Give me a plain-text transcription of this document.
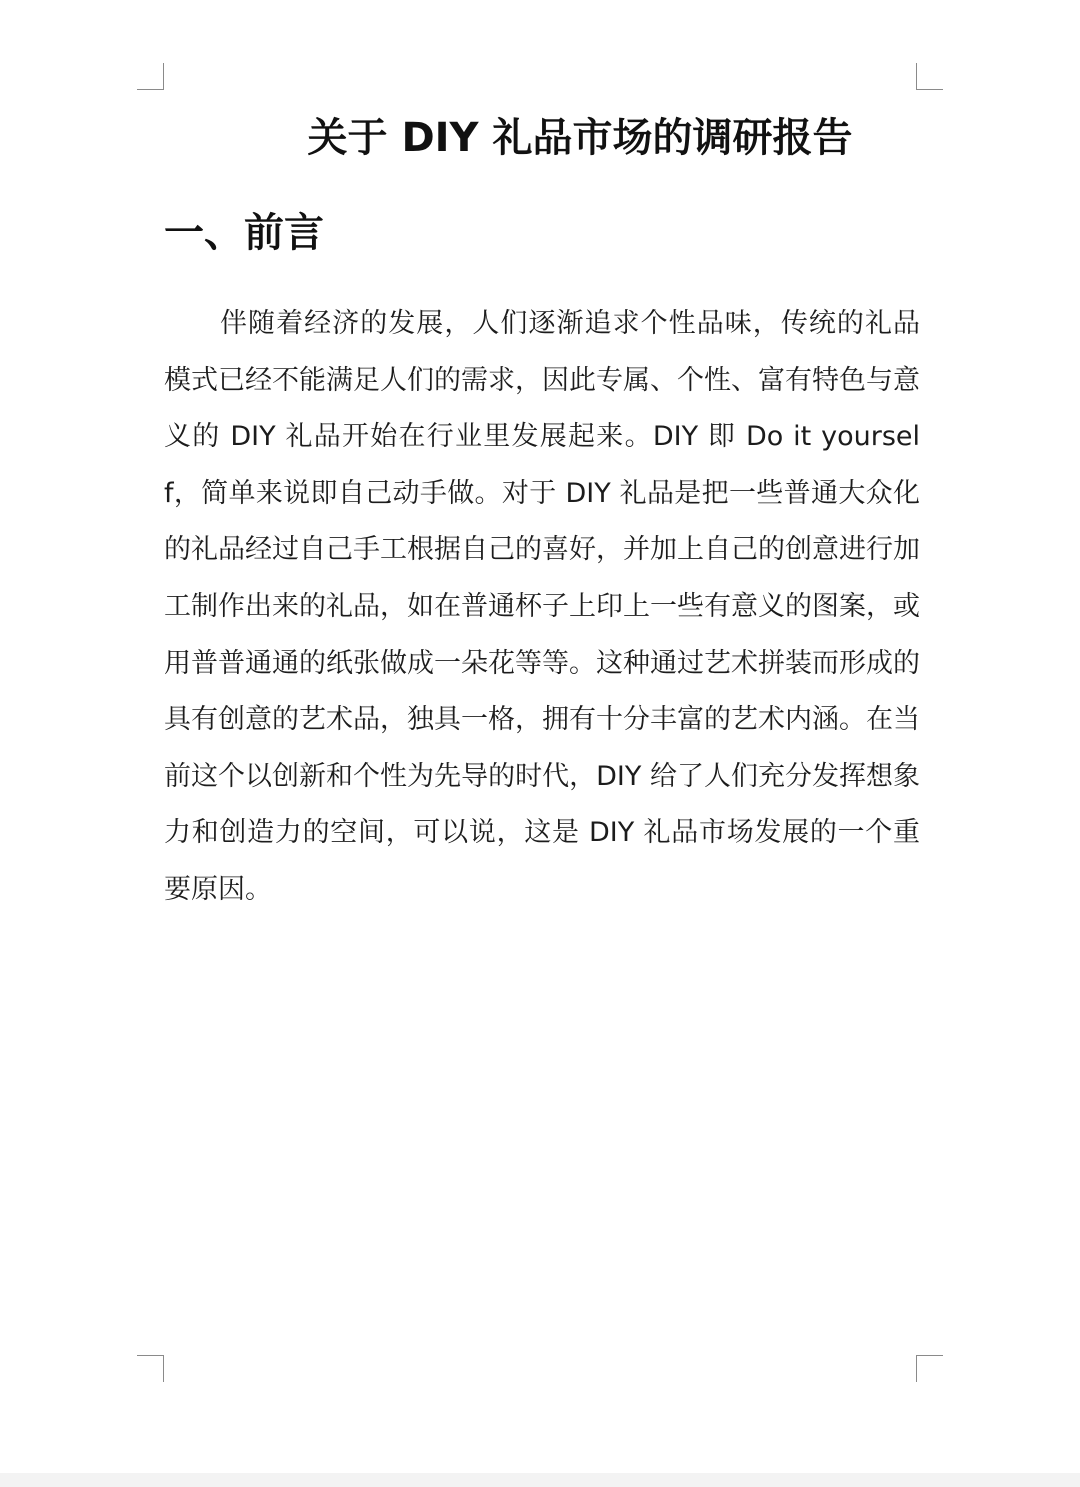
关于 DIY 礼品市场的调研报告
一、前言

伴随着经济的发展，人们逐渐追求个性品味，传统的礼品模式已经不能满足人们的需求，因此专属、个性、富有特色与意义的 DIY 礼品开始在行业里发展起来。DIY 即 Do it yourself，简单来说即自己动手做。对于 DIY 礼品是把一些普通大众化的礼品经过自己手工根据自己的喜好，并加上自己的创意进行加工制作出来的礼品，如在普通杯子上印上一些有意义的图案，或用普普通通的纸张做成一朵花等等。这种通过艺术拼装而形成的具有创意的艺术品，独具一格，拥有十分丰富的艺术内涵。在当前这个以创新和个性为先导的时代，DIY 给了人们充分发挥想象力和创造力的空间，可以说，这是 DIY 礼品市场发展的一个重要原因。
